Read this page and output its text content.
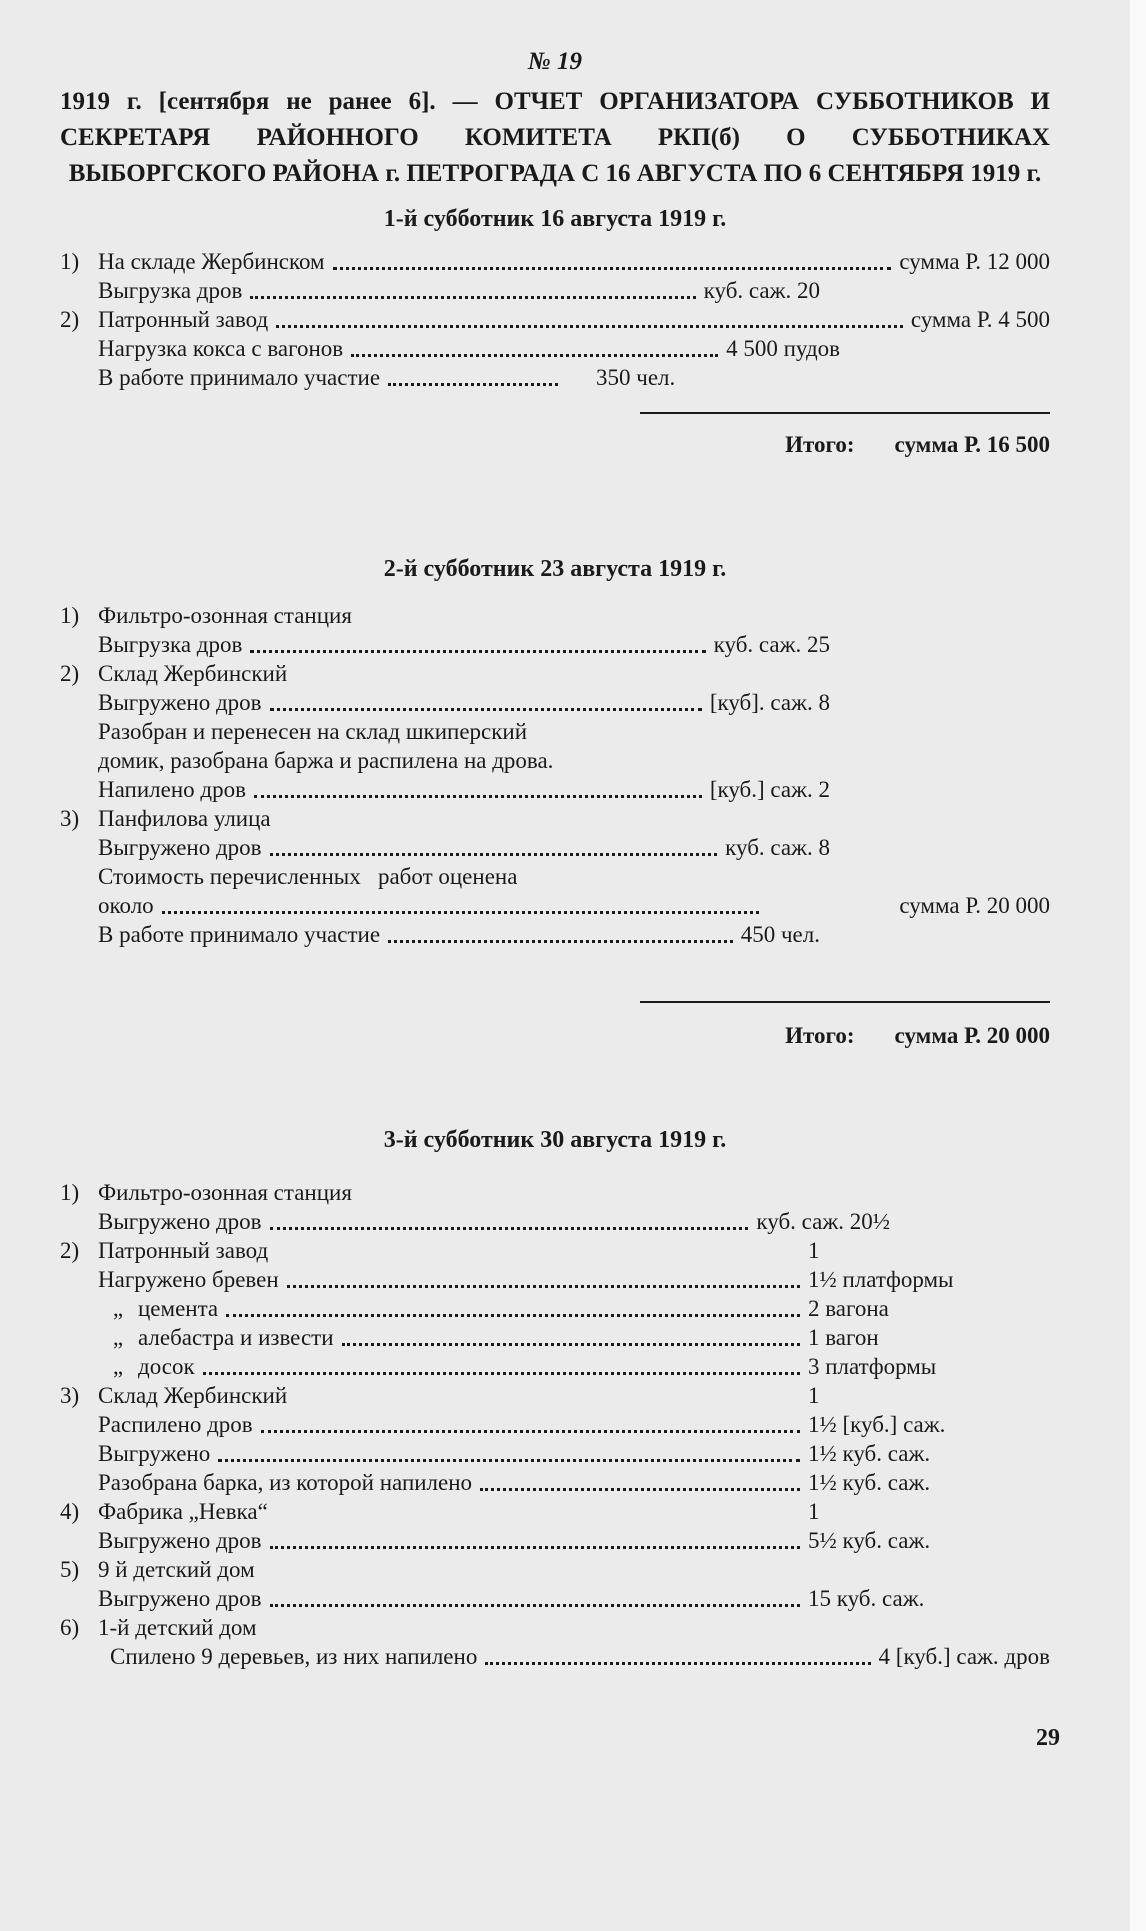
№ 19
1919 г. [сентября не ранее 6]. — ОТЧЕТ ОРГАНИЗАТОРА СУББОТНИКОВ И СЕКРЕТАРЯ РАЙОННОГО КОМИТЕТА РКП(б) О СУББОТНИКАХ ВЫБОРГСКОГО РАЙОНА г. ПЕТРОГРАДА С 16 АВГУСТА ПО 6 СЕНТЯБРЯ 1919 г.
1-й субботник 16 августа 1919 г.
1) На складе Жербинском	сумма Р. 12 000
Выгрузка дров	куб. саж. 20
2) Патронный завод	сумма Р. 4 500
Нагрузка кокса с вагонов	4 500 пудов
В работе принимало участие	350 чел.
Итого: сумма Р. 16 500
2-й субботник 23 августа 1919 г.
1) Фильтро-озонная станция
Выгрузка дров	куб. саж. 25
2) Склад Жербинский
Выгружено дров	[куб]. саж. 8
Разобран и перенесен на склад шкиперский
домик, разобрана баржа и распилена на дрова.
Напилено дров	[куб.] саж. 2
3) Панфилова улица
Выгружено дров	куб. саж. 8
Стоимость перечисленных   работ оценена
около	сумма Р. 20 000
В работе принимало участие	450 чел.
Итого: сумма Р. 20 000
3-й субботник 30 августа 1919 г.
1) Фильтро-озонная станция
Выгружено дров	куб. саж. 20½
2) Патронный завод	1
Нагружено бревен	1½ платформы
„ цемента	2 вагона
„ алебастра и извести	1 вагон
„ досок	3 платформы
3) Склад Жербинский	1
Распилено дров	1½ [куб.] саж.
Выгружено	1½ куб. саж.
Разобрана барка, из которой напилено	1½ куб. саж.
4) Фабрика „Невка“	1
Выгружено дров	5½ куб. саж.
5) 9 й детский дом
Выгружено дров	15 куб. саж.
6) 1-й детский дом
Спилено 9 деревьев, из них напилено	4 [куб.] саж. дров
29
